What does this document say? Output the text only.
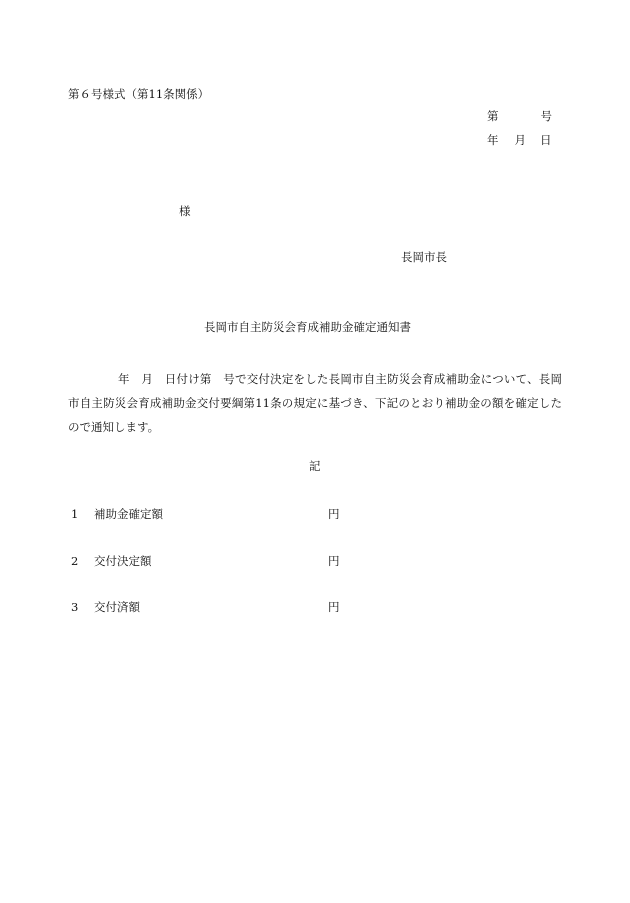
第６号様式（第11条関係）
第	号
年 月 日
様
長岡市長
長岡市自主防災会育成補助金確定通知書
年　月　日付け第　号で交付決定をした長岡市自主防災会育成補助金について、長岡市自主防災会育成補助金交付要綱第11条の規定に基づき、下記のとおり補助金の額を確定したので通知します。
記
1 補助金確定額	円
2 交付決定額	円
3 交付済額	円
